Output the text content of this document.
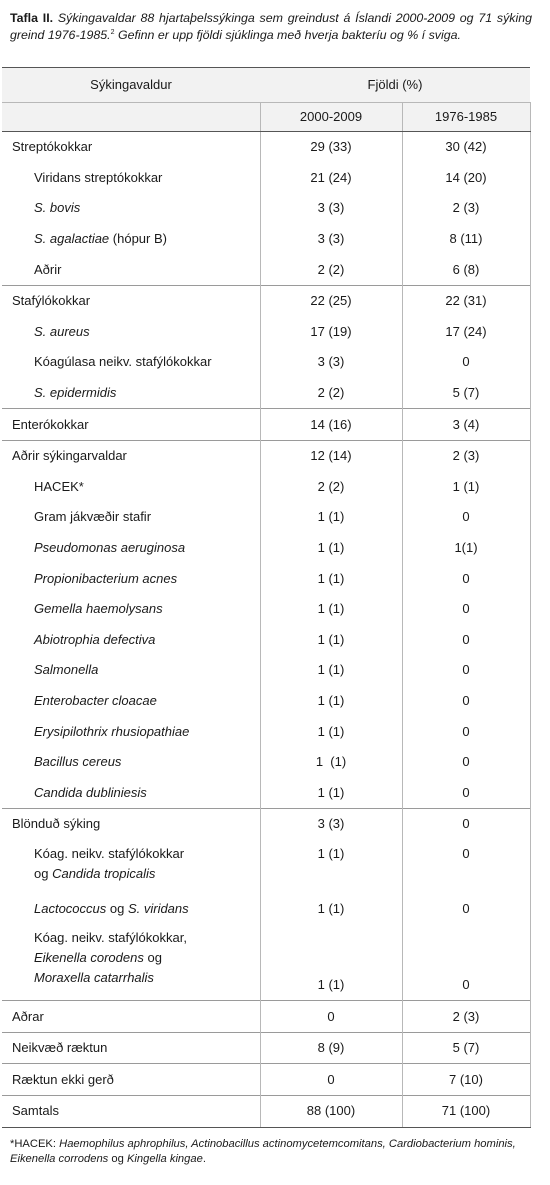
Tafla II. Sýkingavaldar 88 hjartaþelssýkinga sem greindust á Íslandi 2000-2009 og 71 sýking greind 1976-1985.$^2$ Gefinn er upp fjöldi sjúklinga með hverja bakteríu og % í sviga.
Sýkingavaldur	Fjöldi (%)	
	2000-2009	1976-1985
Streptókokkar	29 (33)	30 (42)
Viridans streptókokkar	21 (24)	14 (20)
S. bovis	3 (3)	2 (3)
S. agalactiae (hópur B)	3 (3)	8 (11)
Aðrir	2 (2)	6 (8)
Stafýlókokkar	22 (25)	22 (31)
S. aureus	17 (19)	17 (24)
Kóagúlasa neikv. stafýlókokkar	3 (3)	0
S. epidermidis	2 (2)	5 (7)
Enterókokkar	14 (16)	3 (4)
Aðrir sýkingarvaldar	12 (14)	2 (3)
HACEK*	2 (2)	1 (1)
Gram jákvæðir stafir	1 (1)	0
Pseudomonas aeruginosa	1 (1)	1(1)
Propionibacterium acnes	1 (1)	0
Gemella haemolysans	1 (1)	0
Abiotrophia defectiva	1 (1)	0
Salmonella	1 (1)	0
Enterobacter cloacae	1 (1)	0
Erysipilothrix rhusiopathiae	1 (1)	0
Bacillus cereus	1  (1)	0
Candida dubliniesis	1 (1)	0
Blönduð sýking	3 (3)	0

Kóag. neikv. stafýlókokkar
og Candida tropicalis	1 (1)	0
Lactococcus og S. viridans	1 (1)	0

Kóag. neikv. stafýlókokkar,
Eikenella corodens og
Moraxella catarrhalis	1 (1)	0
Aðrar	0	2 (3)
Neikvæð ræktun	8 (9)	5 (7)
Ræktun ekki gerð	0	7 (10)
Samtals	88 (100)	71 (100)
*HACEK: Haemophilus aphrophilus, Actinobacillus actinomycetemcomitans, Cardiobacterium hominis, Eikenella corrodens og Kingella kingae.
